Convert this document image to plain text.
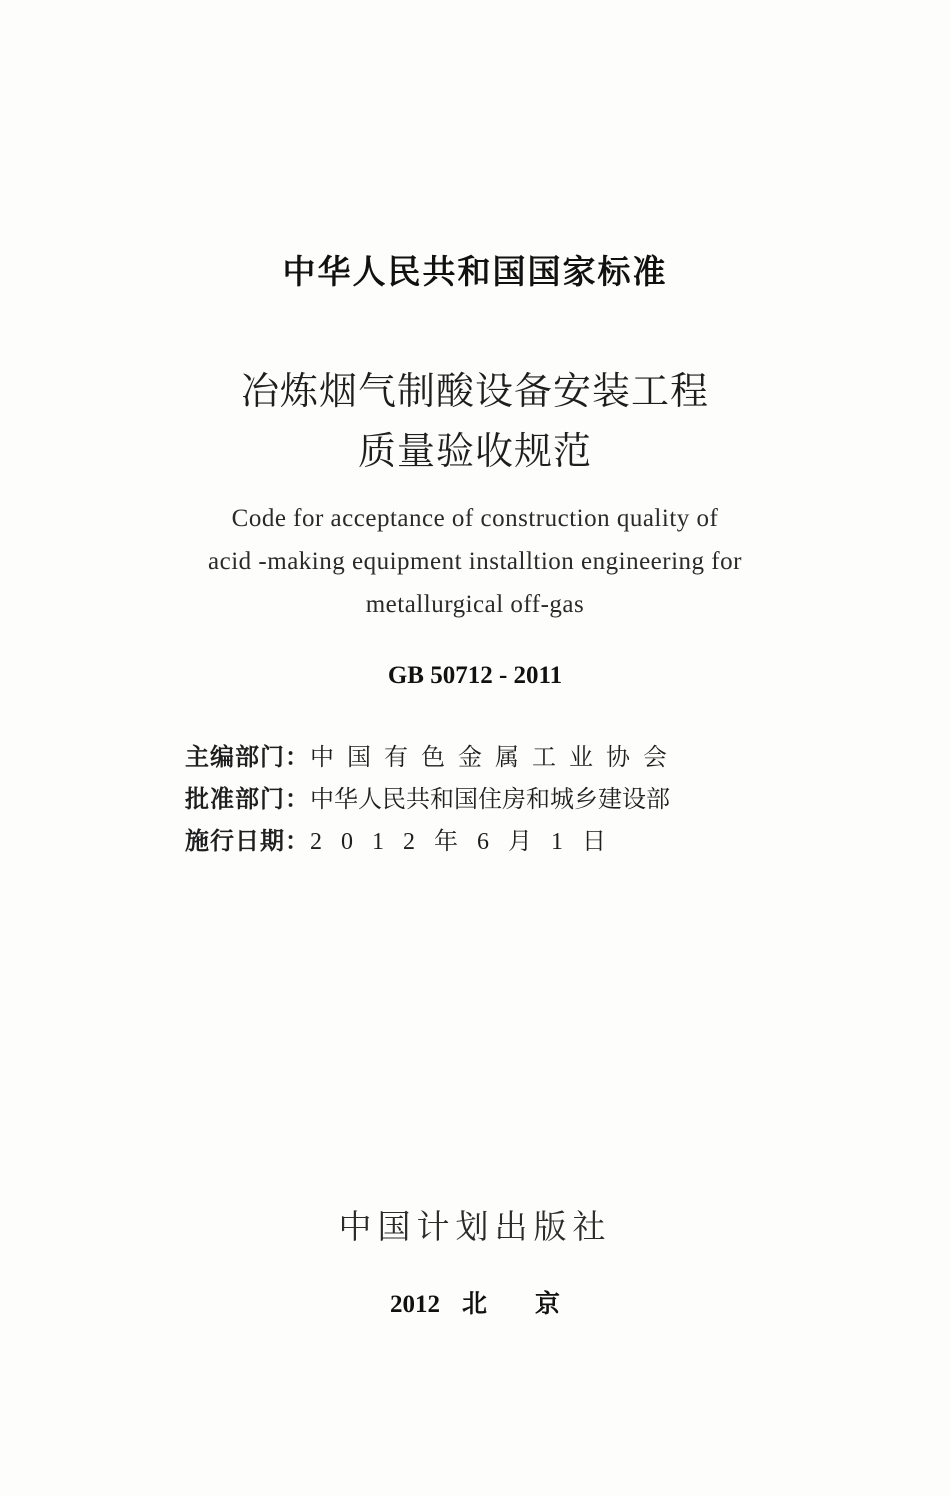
中华人民共和国国家标准
冶炼烟气制酸设备安装工程
质量验收规范
Code for acceptance of construction quality of
acid -making equipment installtion engineering for
metallurgical off-gas
GB 50712 - 2011
主编部门： 中国有色金属工业协会
批准部门： 中华人民共和国住房和城乡建设部
施行日期： 2012年6月1日
中国计划出版社
2012 北 京
